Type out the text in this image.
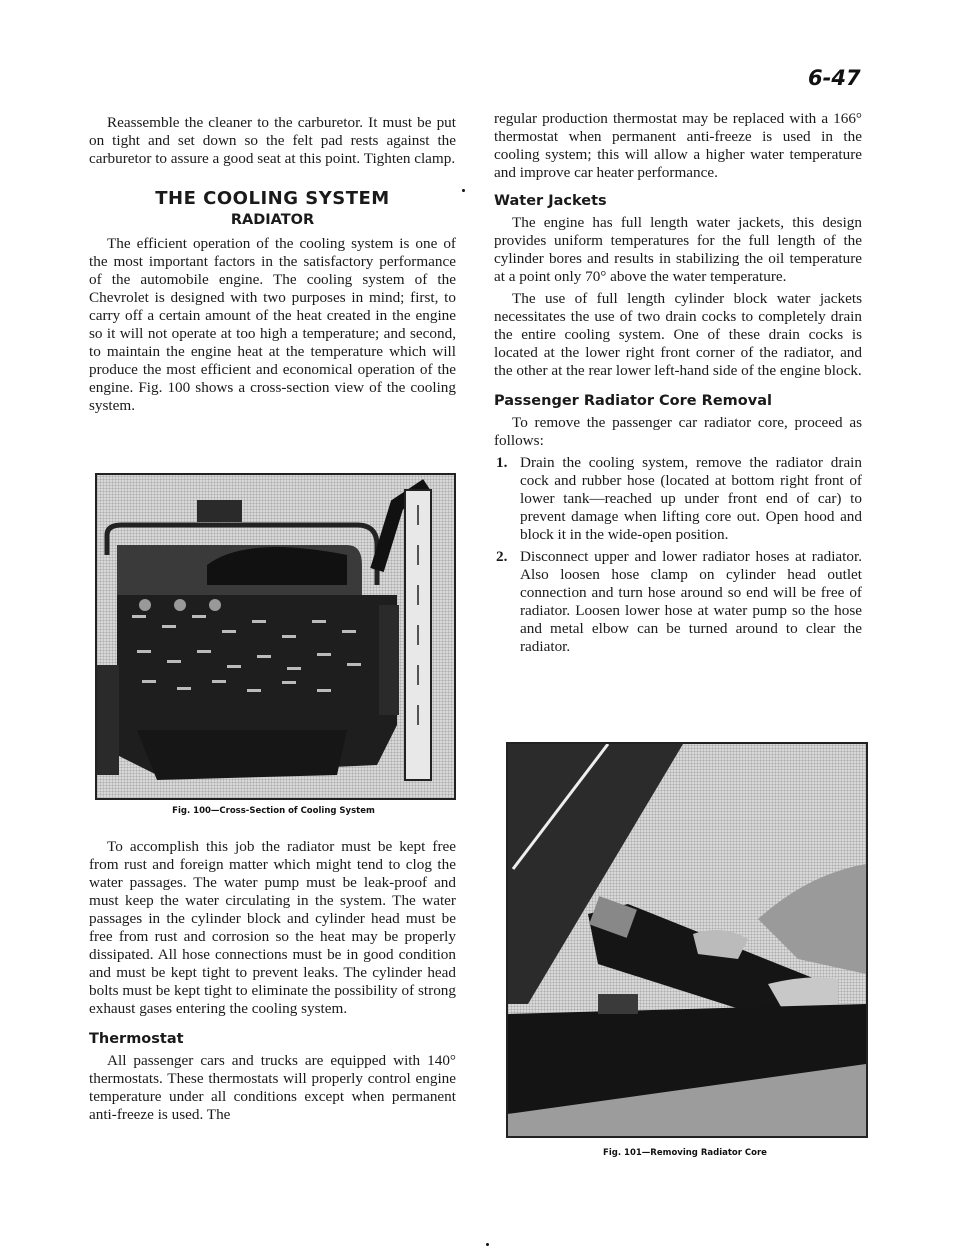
6-47

Reassemble the cleaner to the carburetor. It must be put on tight and set down so the felt pad rests against the carburetor to assure a good seat at this point. Tighten clamp.

THE COOLING SYSTEM
RADIATOR

The efficient operation of the cooling system is one of the most important factors in the satisfactory performance of the automobile engine. The cooling system of the Chevrolet is designed with two purposes in mind; first, to carry off a certain amount of the heat created in the engine so it will not operate at too high a temperature; and second, to maintain the engine heat at the temperature which will produce the most efficient and economical operation of the engine. Fig. 100 shows a cross-section view of the cooling system.

Fig. 100—Cross-Section of Cooling System

To accomplish this job the radiator must be kept free from rust and foreign matter which might tend to clog the water passages. The water pump must be leak-proof and must keep the water circulating in the system. The water passages in the cylinder block and cylinder head must be free from rust and corrosion so the heat may be properly dissipated. All hose connections must be in good condition and must be kept tight to prevent leaks. The cylinder head bolts must be kept tight to eliminate the possibility of strong exhaust gases entering the cooling system.

Thermostat

All passenger cars and trucks are equipped with 140° thermostats. These thermostats will properly control engine temperature under all conditions except when permanent anti-freeze is used. The

regular production thermostat may be replaced with a 166° thermostat when permanent anti-freeze is used in the cooling system; this will allow a higher water temperature and improve car heater performance.

Water Jackets

The engine has full length water jackets, this design provides uniform temperatures for the full length of the cylinder bores and results in stabilizing the oil temperature at a point only 70° above the water temperature.

The use of full length cylinder block water jackets necessitates the use of two drain cocks to completely drain the entire cooling system. One of these drain cocks is located at the lower right front corner of the radiator, and the other at the rear lower left-hand side of the engine block.

Passenger Radiator Core Removal

To remove the passenger car radiator core, proceed as follows:

1. Drain the cooling system, remove the radiator drain cock and rubber hose (located at bottom right front of lower tank—reached up under front end of car) to prevent damage when lifting core out. Open hood and block it in the wide-open position.
2. Disconnect upper and lower radiator hoses at radiator. Also loosen hose clamp on cylinder head outlet connection and turn hose around so end will be free of radiator. Loosen lower hose at water pump so the hose and metal elbow can be turned around to clear the radiator.
Fig. 101—Removing Radiator Core
